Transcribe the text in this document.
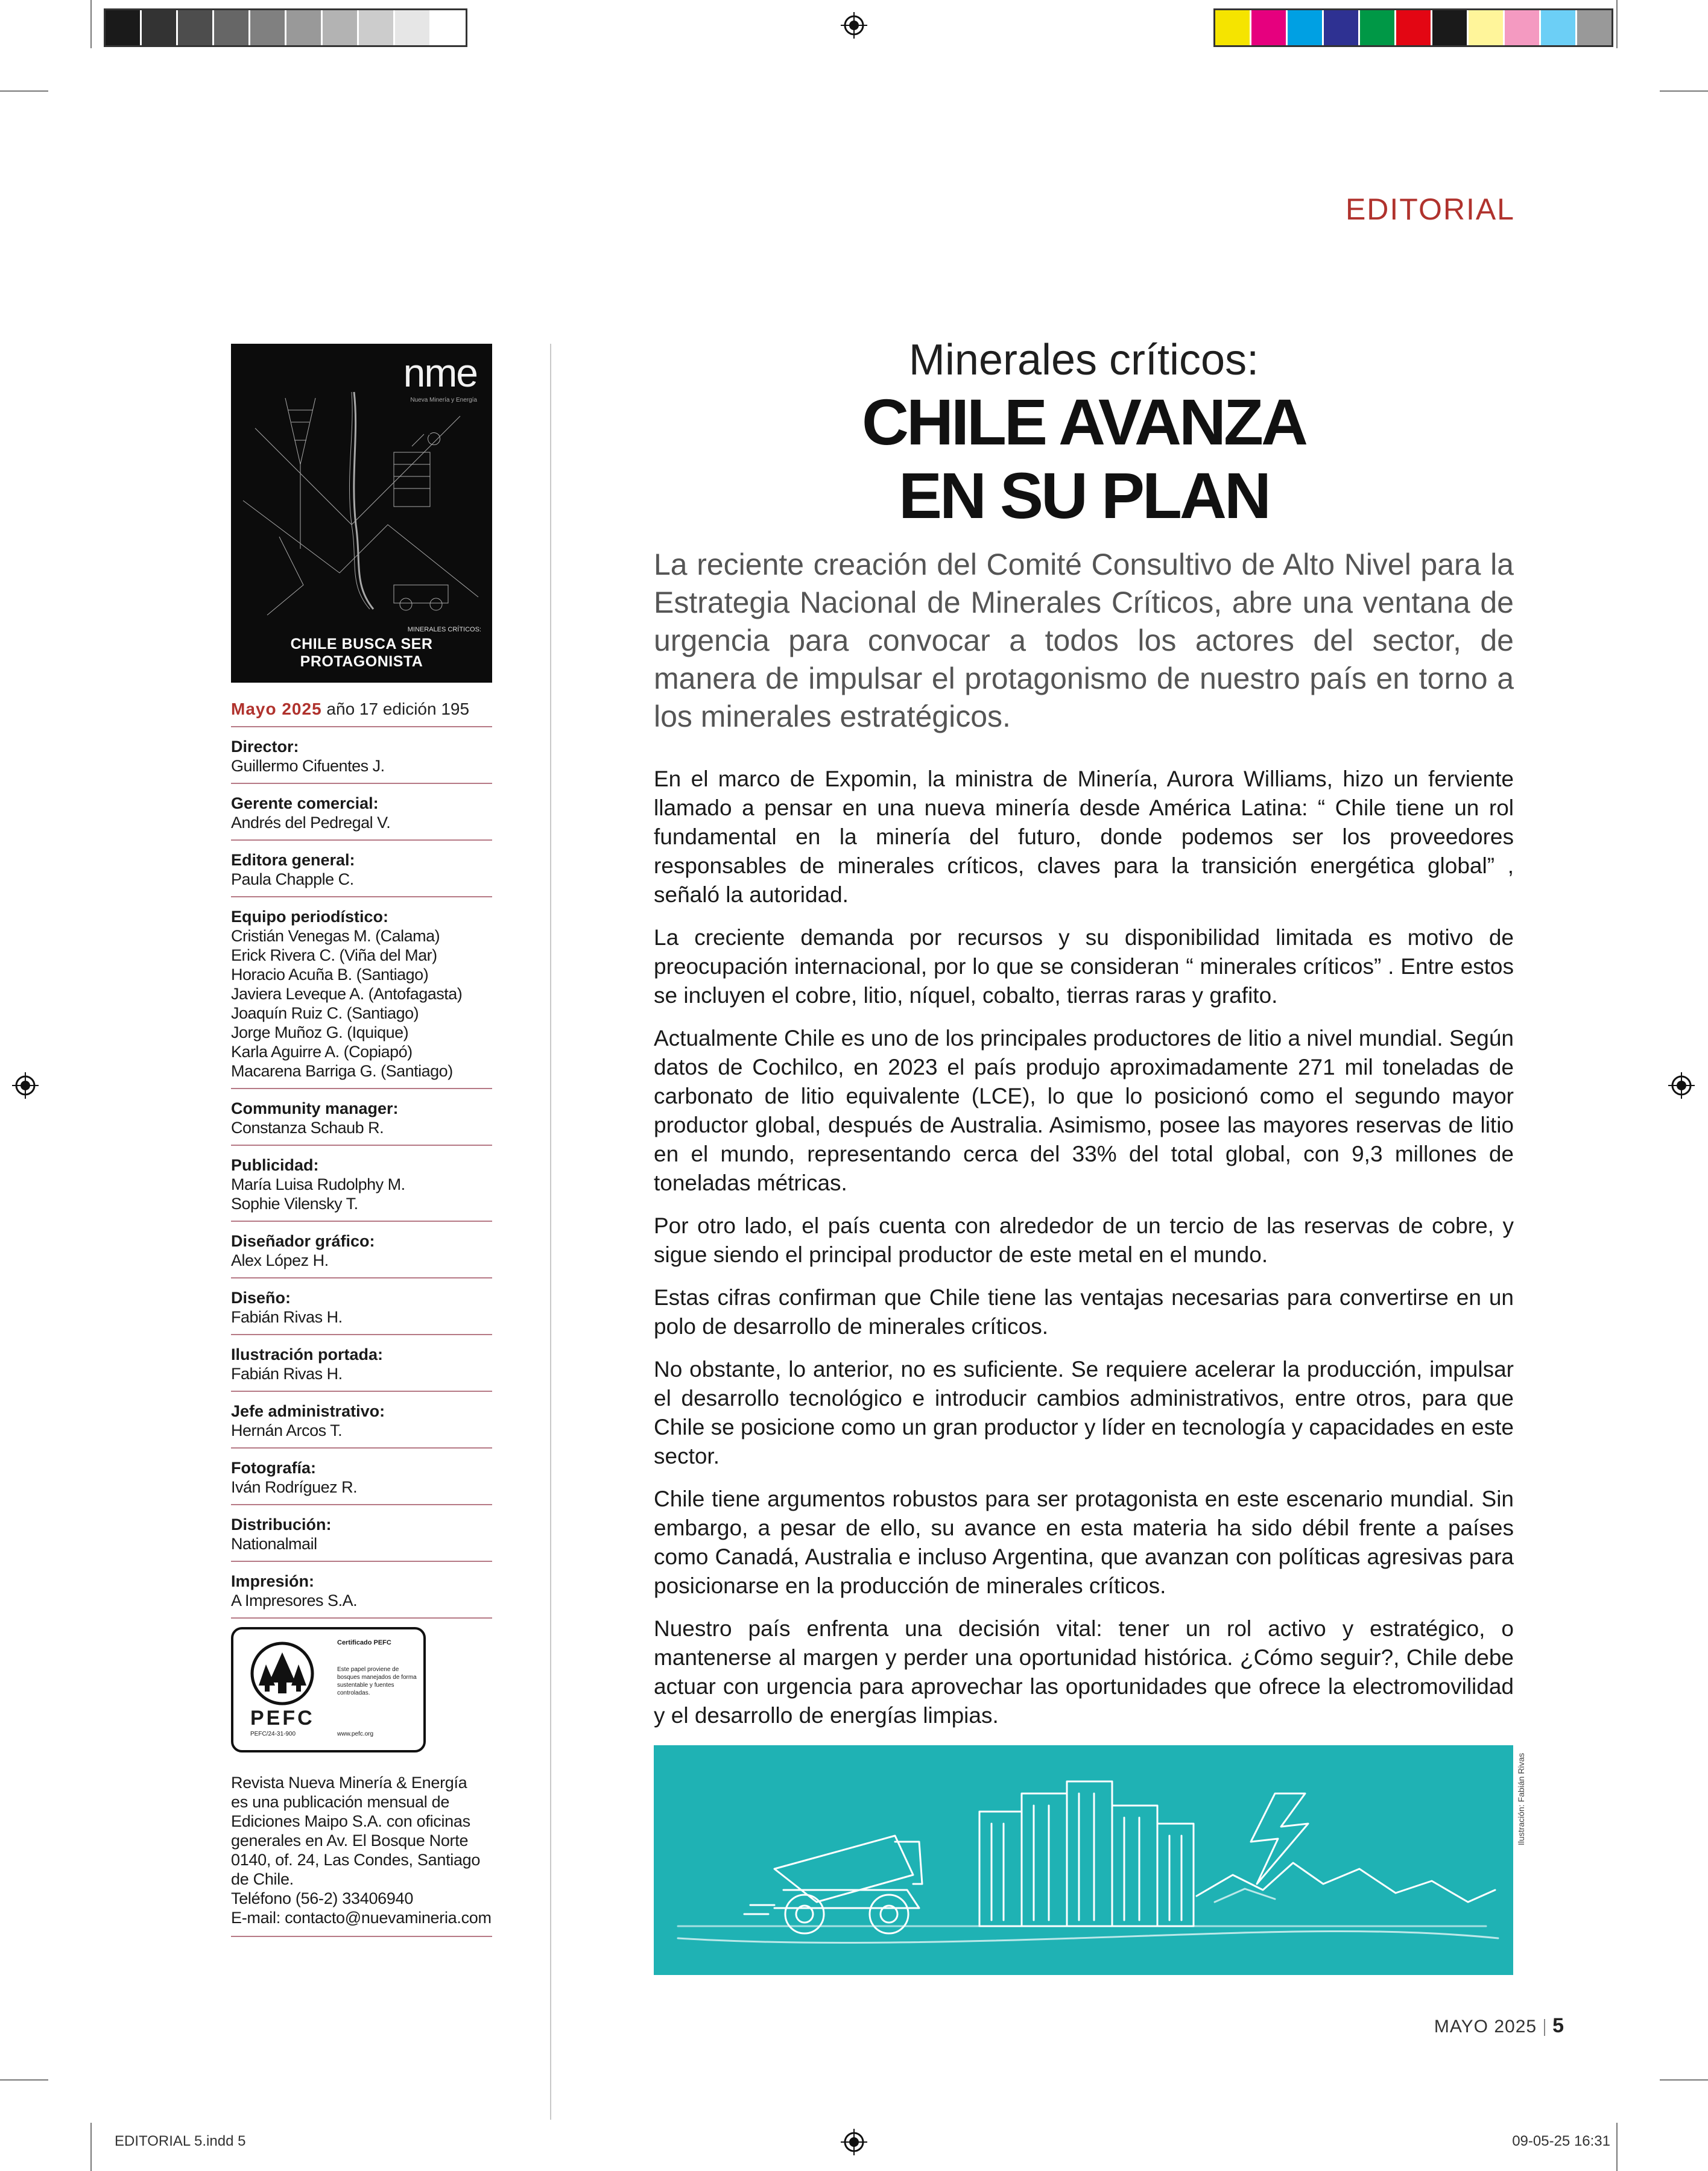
EDITORIAL
nme
Nueva Minería y Energía
MINERALES CRÍTICOS:
CHILE BUSCA SER PROTAGONISTA
Mayo 2025 año 17 edición 195
Director:
Guillermo Cifuentes J.
Gerente comercial:
Andrés del Pedregal V.
Editora general:
Paula Chapple C.
Equipo periodístico:
Cristián Venegas M. (Calama)
Erick Rivera C. (Viña del Mar)
Horacio Acuña B. (Santiago)
Javiera Leveque A. (Antofagasta)
Joaquín Ruiz C. (Santiago)
Jorge Muñoz G. (Iquique)
Karla Aguirre A. (Copiapó)
Macarena Barriga G. (Santiago)
Community manager:
Constanza Schaub R.
Publicidad:
María Luisa Rudolphy M.
Sophie Vilensky T.
Diseñador gráfico:
Alex López H.
Diseño:
Fabián Rivas H.
Ilustración portada:
Fabián Rivas H.
Jefe administrativo:
Hernán Arcos T.
Fotografía:
Iván Rodríguez R.
Distribución:
Nationalmail
Impresión:
A Impresores S.A.
Certificado PEFC
Este papel proviene de bosques manejados de forma sustentable y fuentes controladas.
www.pefc.org
PEFC
PEFC/24-31-900
Revista Nueva Minería & Energía
es una publicación mensual de
Ediciones Maipo S.A. con oficinas
generales en Av. El Bosque Norte
0140, of. 24, Las Condes, Santiago
de Chile.
Teléfono (56-2) 33406940
E-mail: contacto@nuevamineria.com
Minerales críticos:
CHILE AVANZA
EN SU PLAN
La reciente creación del Comité Consultivo de Alto Nivel para la Estrategia Nacional de Minerales Críticos, abre una ventana de urgencia para convocar a todos los actores del sector, de manera de impulsar el protagonismo de nuestro país en torno a los minerales estratégicos.

En el marco de Expomin, la ministra de Minería, Aurora Williams, hizo un ferviente llamado a pensar en una nueva minería desde América Latina: “ Chile tiene un rol fundamental en la minería del futuro, donde podemos ser los proveedores responsables de minerales críticos, claves para la transición energética global” , señaló la autoridad.

La creciente demanda por recursos y su disponibilidad limitada es motivo de preocupación internacional, por lo que se consideran “ minerales críticos” . Entre estos se incluyen el cobre, litio, níquel, cobalto, tierras raras y grafito.

Actualmente Chile es uno de los principales productores de litio a nivel mundial. Según datos de Cochilco, en 2023 el país produjo aproximadamente 271 mil toneladas de carbonato de litio equivalente (LCE), lo que lo posicionó como el segundo mayor productor global, después de Australia. Asimismo, posee las mayores reservas de litio en el mundo, representando cerca del 33% del total global, con 9,3 millones de toneladas métricas.

Por otro lado, el país cuenta con alrededor de un tercio de las reservas de cobre, y sigue siendo el principal productor de este metal en el mundo.

Estas cifras confirman que Chile tiene las ventajas necesarias para convertirse en un polo de desarrollo de minerales críticos.

No obstante, lo anterior, no es suficiente. Se requiere acelerar la producción, impulsar el desarrollo tecnológico e introducir cambios administrativos, entre otros, para que Chile se posicione como un gran productor y líder en tecnología y capacidades en este sector.

Chile tiene argumentos robustos para ser protagonista en este escenario mundial. Sin embargo, a pesar de ello, su avance en esta materia ha sido débil frente a países como Canadá, Australia e incluso Argentina, que avanzan con políticas agresivas para posicionarse en la producción de minerales críticos.

Nuestro país enfrenta una decisión vital: tener un rol activo y estratégico, o mantenerse al margen y perder una oportunidad histórica. ¿Cómo seguir?, Chile debe actuar con urgencia para aprovechar las oportunidades que ofrece la electromovilidad y el desarrollo de energías limpias.

Ilustración: Fabián Rivas
MAYO 2025 5
EDITORIAL 5.indd 5	09-05-25 16:31
